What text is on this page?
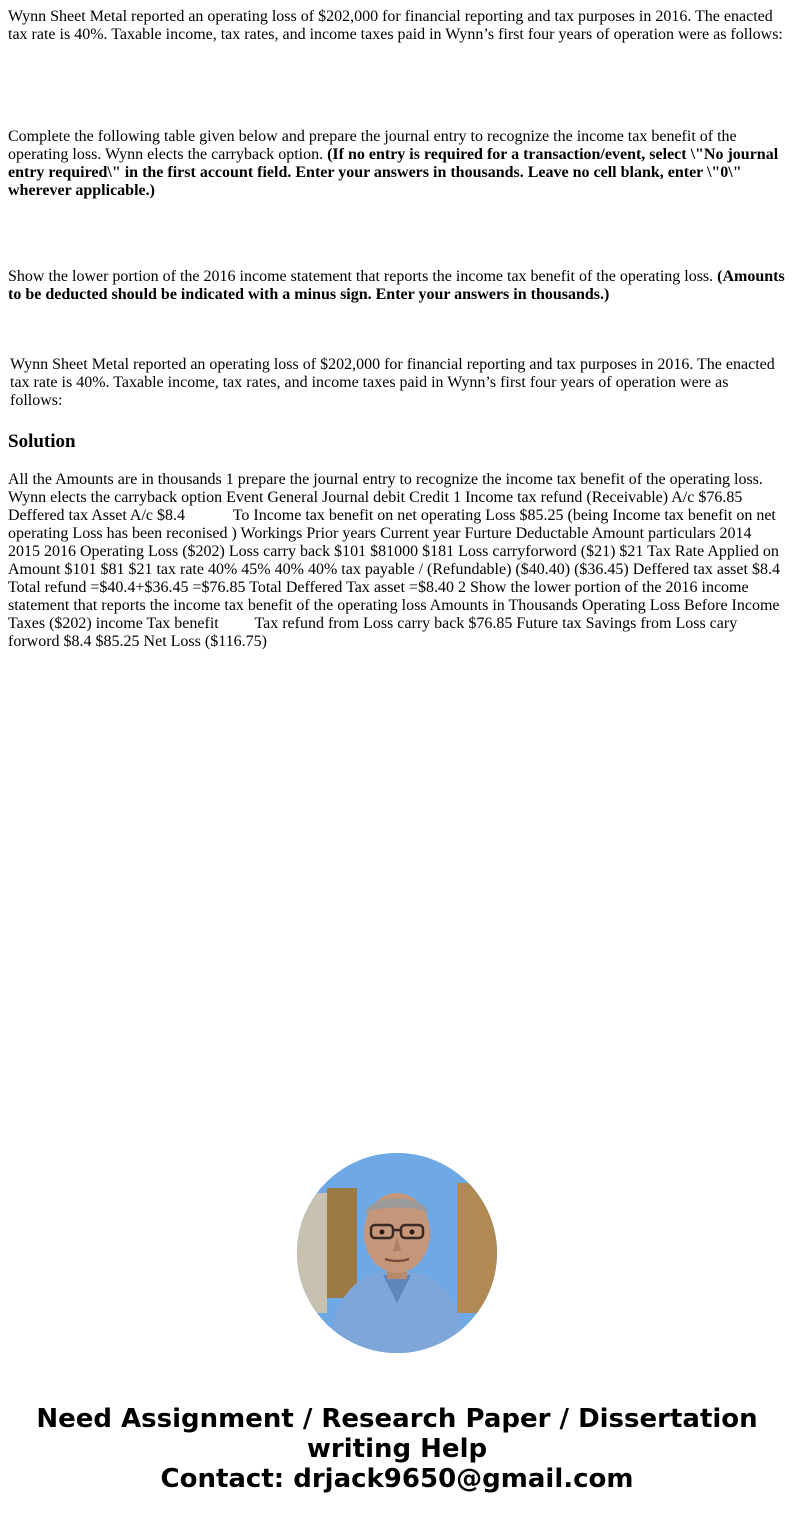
Wynn Sheet Metal reported an operating loss of $202,000 for financial reporting and tax purposes in 2016. The enacted tax rate is 40%. Taxable income, tax rates, and income taxes paid in Wynn’s first four years of operation were as follows:

Complete the following table given below and prepare the journal entry to recognize the income tax benefit of the operating loss. Wynn elects the carryback option. (If no entry is required for a transaction/event, select \"No journal entry required\" in the first account field. Enter your answers in thousands. Leave no cell blank, enter \"0\" wherever applicable.)

Show the lower portion of the 2016 income statement that reports the income tax benefit of the operating loss. (Amounts to be deducted should be indicated with a minus sign. Enter your answers in thousands.)

Wynn Sheet Metal reported an operating loss of $202,000 for financial reporting and tax purposes in 2016. The enacted tax rate is 40%. Taxable income, tax rates, and income taxes paid in Wynn’s first four years of operation were as follows:

Solution

All the Amounts are in thousands 1 prepare the journal entry to recognize the income tax benefit of the operating loss. Wynn elects the carryback option Event General Journal debit Credit 1 Income tax refund (Receivable) A/c $76.85 Deffered tax Asset A/c $8.4            To Income tax benefit on net operating Loss $85.25 (being Income tax benefit on net operating Loss has been reconised ) Workings Prior years Current year Furture Deductable Amount particulars 2014 2015 2016 Operating Loss ($202) Loss carry back $101 $81000 $181 Loss carryforword ($21) $21 Tax Rate Applied on Amount $101 $81 $21 tax rate 40% 45% 40% 40% tax payable / (Refundable) ($40.40) ($36.45) Deffered tax asset $8.4 Total refund =$40.4+$36.45 =$76.85 Total Deffered Tax asset =$8.40 2 Show the lower portion of the 2016 income statement that reports the income tax benefit of the operating loss Amounts in Thousands Operating Loss Before Income Taxes ($202) income Tax benefit         Tax refund from Loss carry back $76.85 Future tax Savings from Loss cary forword $8.4 $85.25 Net Loss ($116.75)

Need Assignment / Research Paper / Dissertation
writing Help
Contact: drjack9650@gmail.com
